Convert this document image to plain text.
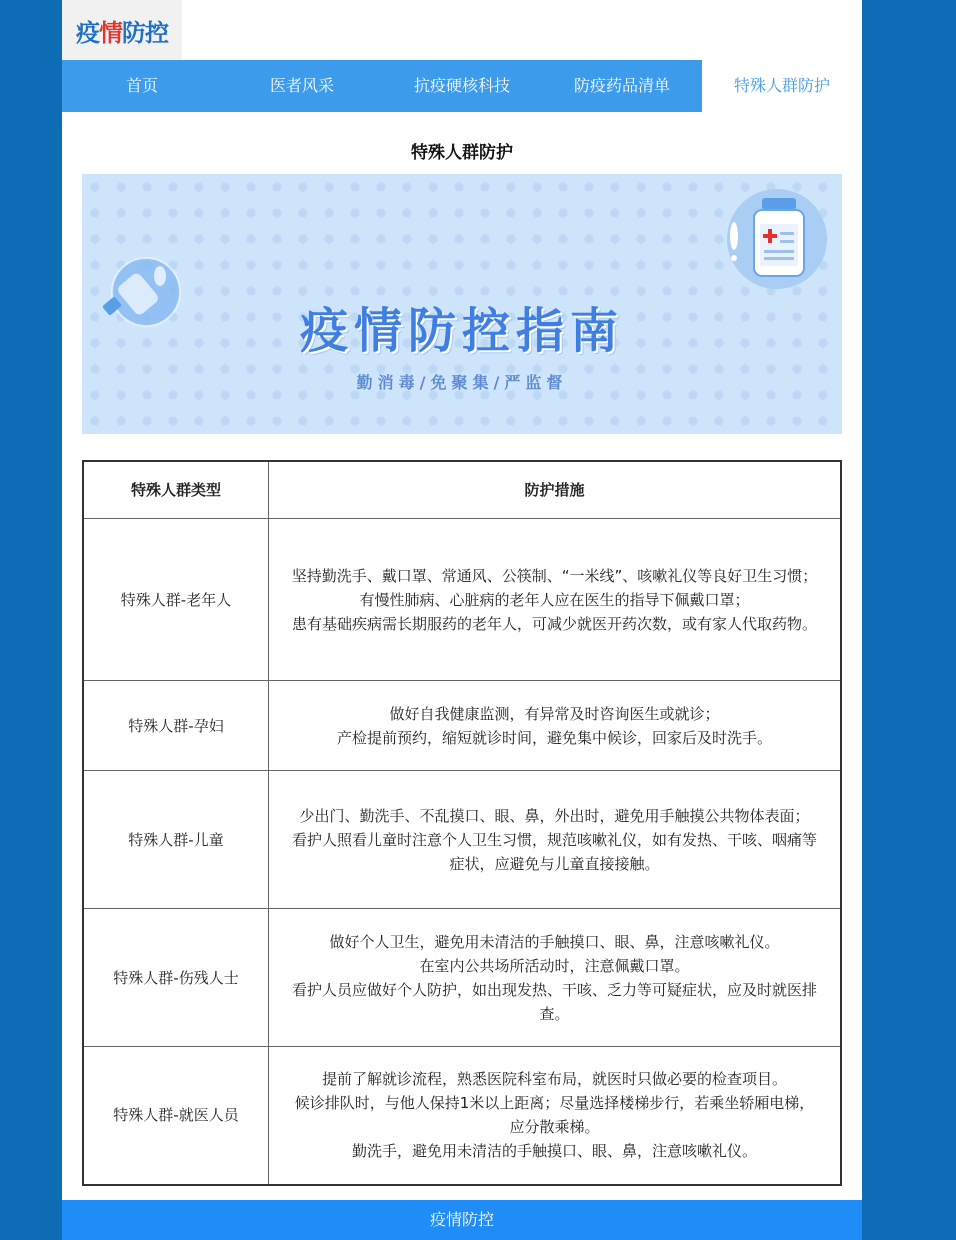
疫情防控
首页	医者风采	抗疫硬核科技	防疫药品清单	特殊人群防护
特殊人群防护
疫情防控指南
勤消毒/免聚集/严监督
特殊人群类型	防护措施
特殊人群-老年人	坚持勤洗手、戴口罩、常通风、公筷制、“一米线”、咳嗽礼仪等良好卫生习惯；
有慢性肺病、心脏病的老年人应在医生的指导下佩戴口罩；
患有基础疾病需长期服药的老年人，可减少就医开药次数，或有家人代取药物。

特殊人群-孕妇	做好自我健康监测，有异常及时咨询医生或就诊；
产检提前预约，缩短就诊时间，避免集中候诊，回家后及时洗手。

特殊人群-儿童	少出门、勤洗手、不乱摸口、眼、鼻，外出时，避免用手触摸公共物体表面；
看护人照看儿童时注意个人卫生习惯，规范咳嗽礼仪，如有发热、干咳、咽痛等症状，应避免与儿童直接接触。

特殊人群-伤残人士	做好个人卫生，避免用未清洁的手触摸口、眼、鼻，注意咳嗽礼仪。
在室内公共场所活动时，注意佩戴口罩。
看护人员应做好个人防护，如出现发热、干咳、乏力等可疑症状，应及时就医排查。

特殊人群-就医人员	提前了解就诊流程，熟悉医院科室布局，就医时只做必要的检查项目。
候诊排队时，与他人保持1米以上距离；尽量选择楼梯步行，若乘坐轿厢电梯，应分散乘梯。
勤洗手，避免用未清洁的手触摸口、眼、鼻，注意咳嗽礼仪。
疫情防控
